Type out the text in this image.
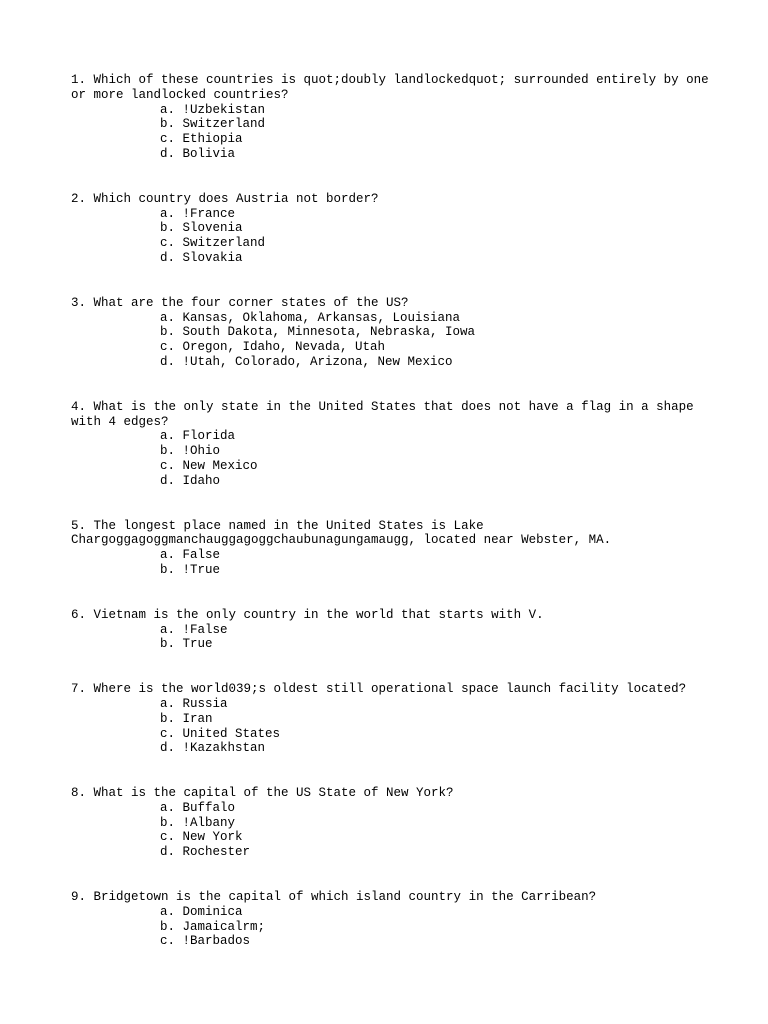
1. Which of these countries is quot;doubly landlockedquot; surrounded entirely by one or more landlocked countries?
a. !Uzbekistan
b. Switzerland
c. Ethiopia
d. Bolivia
2. Which country does Austria not border?
a. !France
b. Slovenia
c. Switzerland
d. Slovakia
3. What are the four corner states of the US?
a. Kansas, Oklahoma, Arkansas, Louisiana
b. South Dakota, Minnesota, Nebraska, Iowa
c. Oregon, Idaho, Nevada, Utah
d. !Utah, Colorado, Arizona, New Mexico
4. What is the only state in the United States that does not have a flag in a shape with 4 edges?
a. Florida
b. !Ohio
c. New Mexico
d. Idaho
5. The longest place named in the United States is Lake Chargoggagoggmanchauggagoggchaubunagungamaugg, located near Webster, MA.
a. False
b. !True
6. Vietnam is the only country in the world that starts with V.
a. !False
b. True
7. Where is the world039;s oldest still operational space launch facility located?
a. Russia
b. Iran
c. United States
d. !Kazakhstan
8. What is the capital of the US State of New York?
a. Buffalo
b. !Albany
c. New York
d. Rochester
9. Bridgetown is the capital of which island country in the Carribean?
a. Dominica
b. Jamaicalrm;
c. !Barbados
